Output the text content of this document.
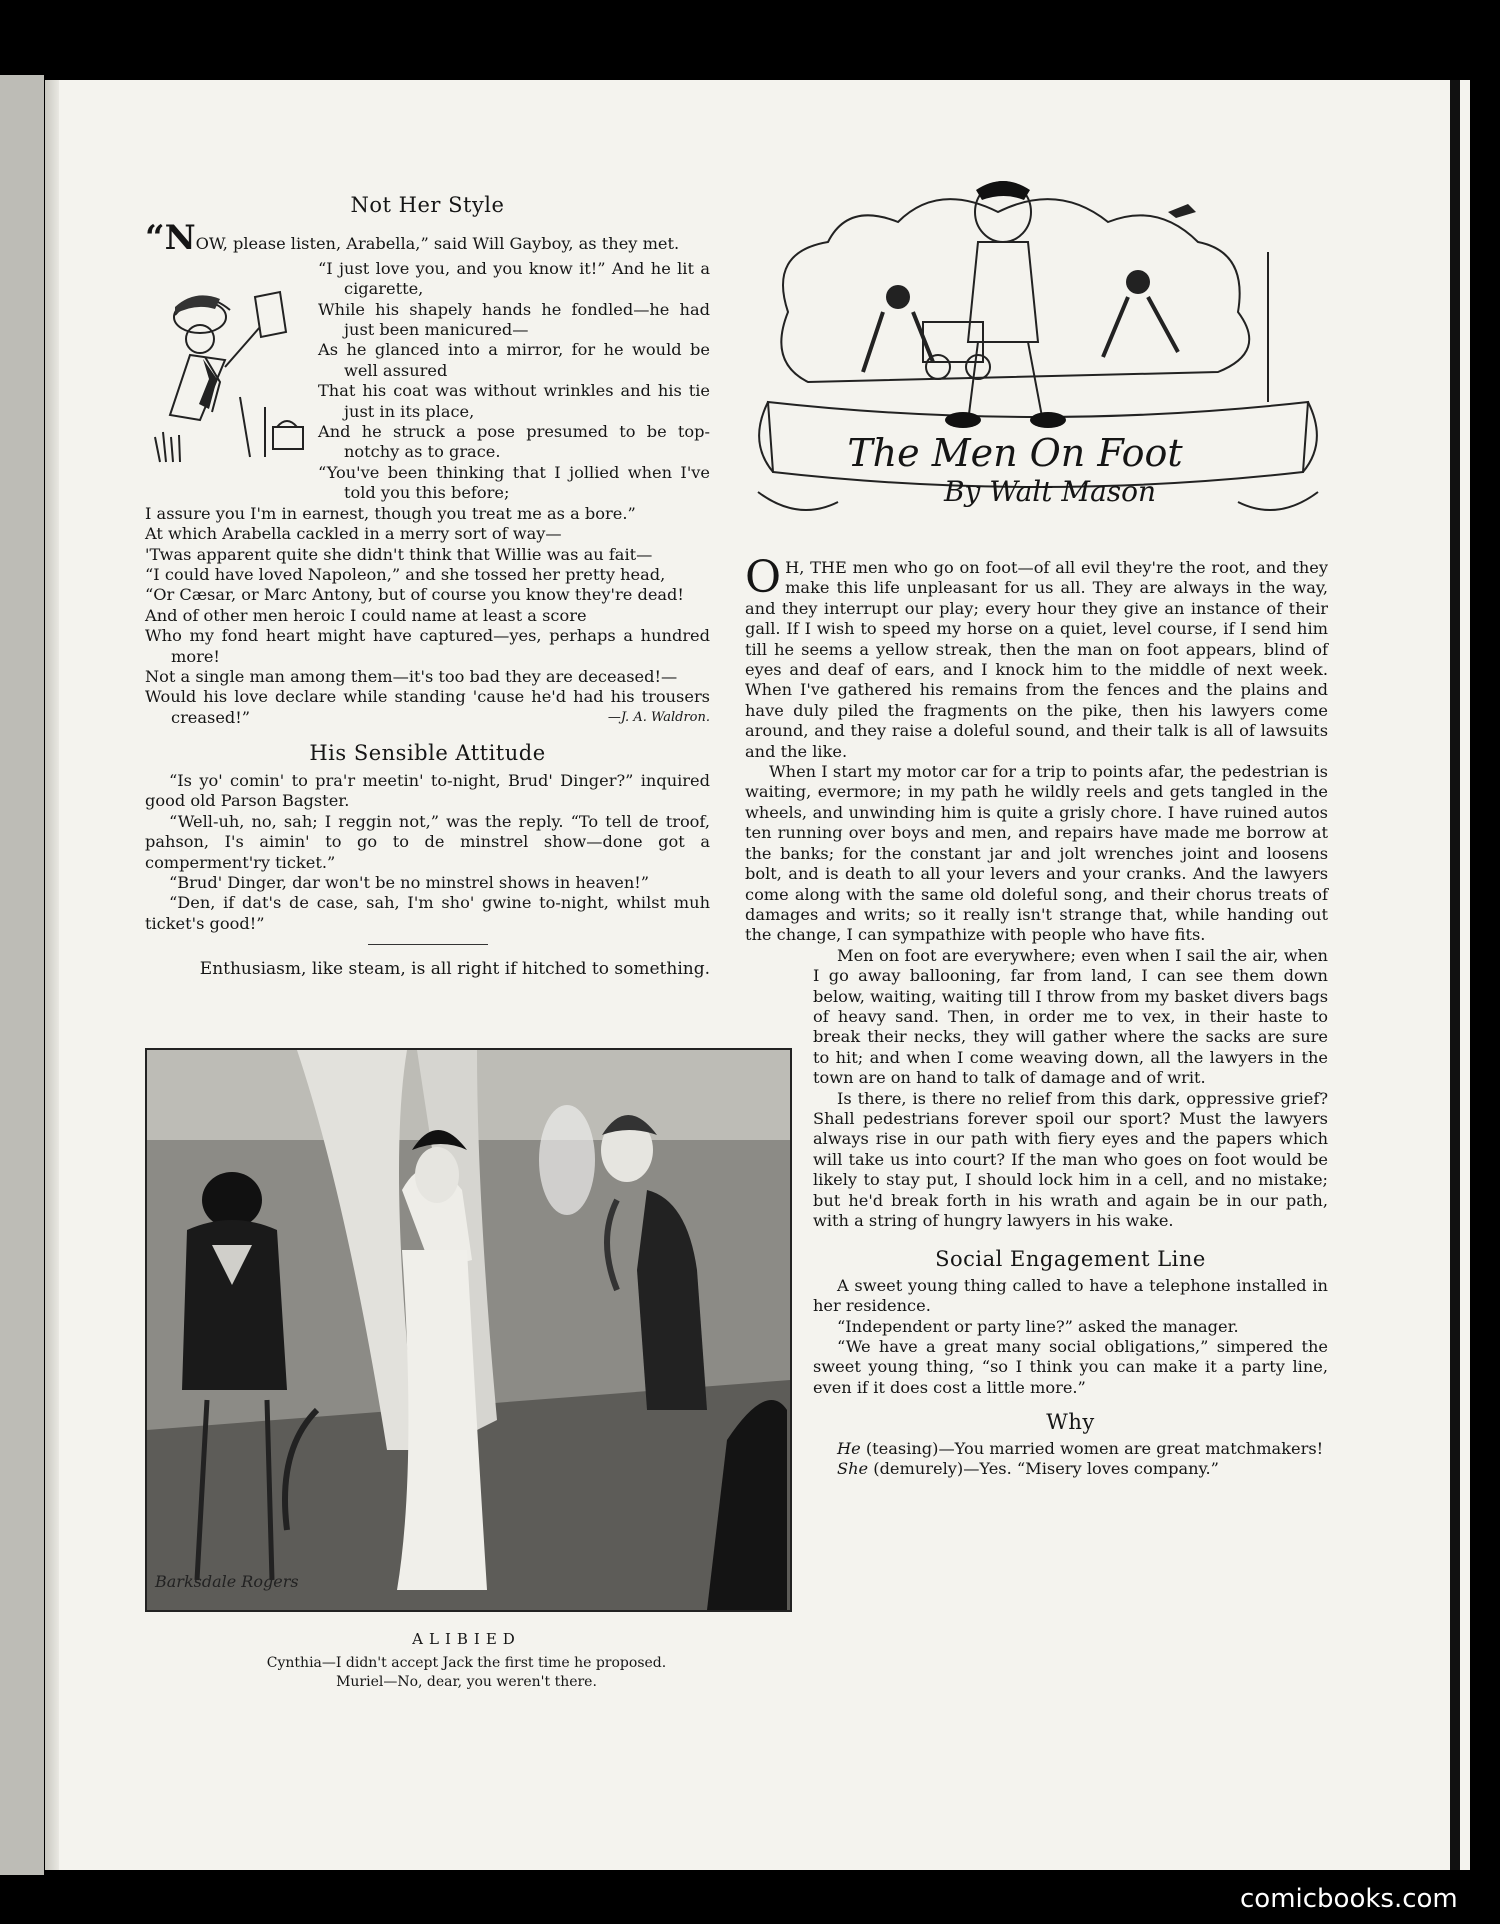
Not Her Style

“NOW, please listen, Arabella,” said Will Gayboy, as they met.

“I just love you, and you know it!” And he lit a cigarette,

While his shapely hands he fondled—he had just been manicured—

As he glanced into a mirror, for he would be well assured

That his coat was without wrinkles and his tie just in its place,

And he struck a pose presumed to be top-notchy as to grace.

“You've been thinking that I jollied when I've told you this before;

I assure you I'm in earnest, though you treat me as a bore.”

At which Arabella cackled in a merry sort of way—

'Twas apparent quite she didn't think that Willie was au fait—

“I could have loved Napoleon,” and she tossed her pretty head,

“Or Cæsar, or Marc Antony, but of course you know they're dead!

And of other men heroic I could name at least a score

Who my fond heart might have captured—yes, perhaps a hundred more!

Not a single man among them—it's too bad they are deceased!—

Would his love declare while standing 'cause he'd had his trousers creased!”	—J. A. Waldron.

His Sensible Attitude

“Is yo' comin' to pra'r meetin' to-night, Brud' Dinger?” inquired good old Parson Bagster.

“Well-uh, no, sah; I reggin not,” was the reply. “To tell de troof, pahson, I's aimin' to go to de minstrel show—done got a comperment'ry ticket.”

“Brud' Dinger, dar won't be no minstrel shows in heaven!”

“Den, if dat's de case, sah, I'm sho' gwine to-night, whilst muh ticket's good!”

Enthusiasm, like steam, is all right if hitched to something.

Barksdale Rogers
ALIBIED
Cynthia—I didn't accept Jack the first time he proposed.
Muriel—No, dear, you weren't there.
The Men On Foot
By Walt Mason

O H, THE men who go on foot—of all evil they're the root, and they make this life unpleasant for us all. They are always in the way, and they interrupt our play; every hour they give an instance of their gall. If I wish to speed my horse on a quiet, level course, if I send him till he seems a yellow streak, then the man on foot appears, blind of eyes and deaf of ears, and I knock him to the middle of next week. When I've gathered his remains from the fences and the plains and have duly piled the fragments on the pike, then his lawyers come around, and they raise a doleful sound, and their talk is all of lawsuits and the like.

When I start my motor car for a trip to points afar, the pedestrian is waiting, evermore; in my path he wildly reels and gets tangled in the wheels, and unwinding him is quite a grisly chore. I have ruined autos ten running over boys and men, and repairs have made me borrow at the banks; for the constant jar and jolt wrenches joint and loosens bolt, and is death to all your levers and your cranks. And the lawyers come along with the same old doleful song, and their chorus treats of damages and writs; so it really isn't strange that, while handing out the change, I can sympathize with people who have fits.

Men on foot are everywhere; even when I sail the air, when I go away ballooning, far from land, I can see them down below, waiting, waiting till I throw from my basket divers bags of heavy sand. Then, in order me to vex, in their haste to break their necks, they will gather where the sacks are sure to hit; and when I come weaving down, all the lawyers in the town are on hand to talk of damage and of writ.

Is there, is there no relief from this dark, oppressive grief? Shall pedestrians forever spoil our sport? Must the lawyers always rise in our path with fiery eyes and the papers which will take us into court? If the man who goes on foot would be likely to stay put, I should lock him in a cell, and no mistake; but he'd break forth in his wrath and again be in our path, with a string of hungry lawyers in his wake.

Social Engagement Line

A sweet young thing called to have a telephone installed in her residence.

“Independent or party line?” asked the manager.

“We have a great many social obligations,” simpered the sweet young thing, “so I think you can make it a party line, even if it does cost a little more.”

Why

He (teasing)—You married women are great matchmakers!

She (demurely)—Yes. “Misery loves company.”

comicbooks.com
